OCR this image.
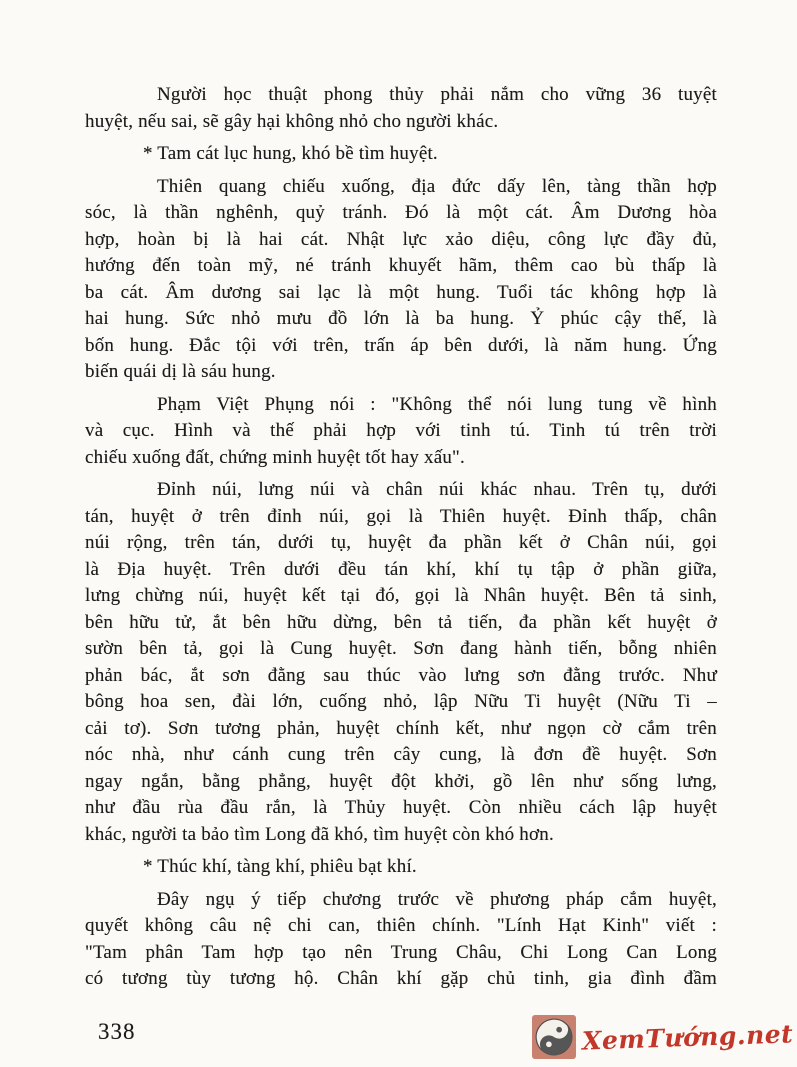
Người học thuật phong thủy phải nắm cho vững 36 tuyệt
huyệt, nếu sai, sẽ gây hại không nhỏ cho người khác.
* Tam cát lục hung, khó bề tìm huyệt.
Thiên quang chiếu xuống, địa đức dấy lên, tàng thần hợp
sóc, là thần nghênh, quỷ tránh. Đó là một cát. Âm Dương hòa
hợp, hoàn bị là hai cát. Nhật lực xảo diệu, công lực đầy đủ,
hướng đến toàn mỹ, né tránh khuyết hãm, thêm cao bù thấp là
ba cát. Âm dương sai lạc là một hung. Tuổi tác không hợp là
hai hung. Sức nhỏ mưu đồ lớn là ba hung. Ỷ phúc cậy thế, là
bốn hung. Đắc tội với trên, trấn áp bên dưới, là năm hung. Ứng
biến quái dị là sáu hung.
Phạm Việt Phụng nói : "Không thể nói lung tung về hình
và cục. Hình và thế phải hợp với tinh tú. Tinh tú trên trời
chiếu xuống đất, chứng minh huyệt tốt hay xấu".
Đỉnh núi, lưng núi và chân núi khác nhau. Trên tụ, dưới
tán, huyệt ở trên đỉnh núi, gọi là Thiên huyệt. Đỉnh thấp, chân
núi rộng, trên tán, dưới tụ, huyệt đa phần kết ở Chân núi, gọi
là Địa huyệt. Trên dưới đều tán khí, khí tụ tập ở phần giữa,
lưng chừng núi, huyệt kết tại đó, gọi là Nhân huyệt. Bên tả sinh,
bên hữu tử, ắt bên hữu dừng, bên tả tiến, đa phần kết huyệt ở
sườn bên tả, gọi là Cung huyệt. Sơn đang hành tiến, bỗng nhiên
phản bác, ắt sơn đằng sau thúc vào lưng sơn đằng trước. Như
bông hoa sen, đài lớn, cuống nhỏ, lập Nữu Ti huyệt (Nữu Ti –
cải tơ). Sơn tương phản, huyệt chính kết, như ngọn cờ cắm trên
nóc nhà, như cánh cung trên cây cung, là đơn đề huyệt. Sơn
ngay ngắn, bằng phẳng, huyệt đột khởi, gồ lên như sống lưng,
như đầu rùa đầu rắn, là Thủy huyệt. Còn nhiều cách lập huyệt
khác, người ta bảo tìm Long đã khó, tìm huyệt còn khó hơn.
* Thúc khí, tàng khí, phiêu bạt khí.
Đây ngụ ý tiếp chương trước về phương pháp cắm huyệt,
quyết không câu nệ chi can, thiên chính. "Lính Hạt Kinh" viết :
"Tam phân Tam hợp tạo nên Trung Châu, Chi Long Can Long
có tương tùy tương hộ. Chân khí gặp chủ tinh, gia đình đầm
338	XemTướng.net
